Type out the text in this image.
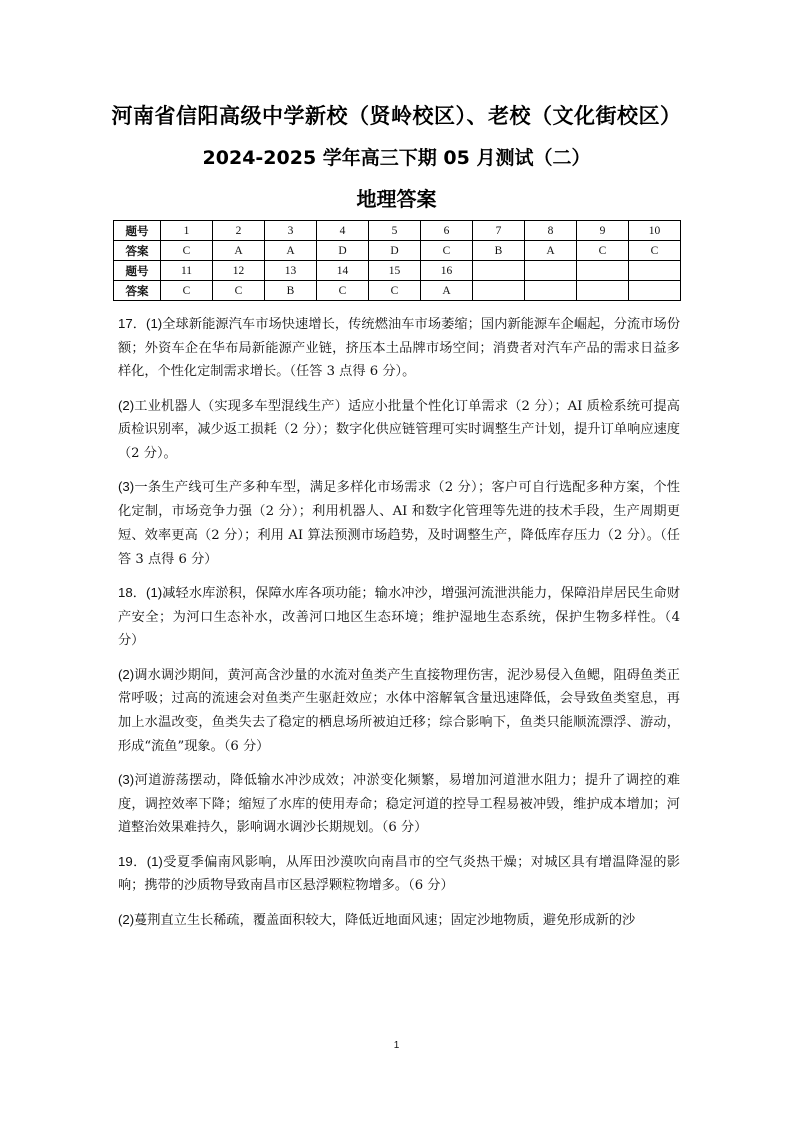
河南省信阳高级中学新校（贤岭校区）、老校（文化街校区）
2024-2025 学年高三下期 05 月测试（二）
地理答案
题号	1	2	3	4	5	6	7	8	9	10
答案	C	A	A	D	D	C	B	A	C	C
题号	11	12	13	14	15	16				
答案	C	C	B	C	C	A				

17．(1)全球新能源汽车市场快速增长，传统燃油车市场萎缩；国内新能源车企崛起，分流市场份额；外资车企在华布局新能源产业链，挤压本土品牌市场空间；消费者对汽车产品的需求日益多样化，个性化定制需求增长。（任答 3 点得 6 分）。

(2)工业机器人（实现多车型混线生产）适应小批量个性化订单需求（2 分）；AI 质检系统可提高质检识别率，减少返工损耗（2 分）；数字化供应链管理可实时调整生产计划，提升订单响应速度（2 分）。

(3)一条生产线可生产多种车型，满足多样化市场需求（2 分）；客户可自行选配多种方案，个性化定制，市场竞争力强（2 分）；利用机器人、AI 和数字化管理等先进的技术手段，生产周期更短、效率更高（2 分）；利用 AI 算法预测市场趋势，及时调整生产，降低库存压力（2 分）。（任答 3 点得 6 分）

18．(1)减轻水库淤积，保障水库各项功能；输水冲沙，增强河流泄洪能力，保障沿岸居民生命财产安全；为河口生态补水，改善河口地区生态环境；维护湿地生态系统，保护生物多样性。（4 分）

(2)调水调沙期间，黄河高含沙量的水流对鱼类产生直接物理伤害，泥沙易侵入鱼鳃，阻碍鱼类正常呼吸；过高的流速会对鱼类产生驱赶效应；水体中溶解氧含量迅速降低，会导致鱼类窒息，再加上水温改变，鱼类失去了稳定的栖息场所被迫迁移；综合影响下，鱼类只能顺流漂浮、游动，形成“流鱼”现象。（6 分）

(3)河道游荡摆动，降低输水冲沙成效；冲淤变化频繁，易增加河道泄水阻力；提升了调控的难度，调控效率下降；缩短了水库的使用寿命；稳定河道的控导工程易被冲毁，维护成本增加；河道整治效果难持久，影响调水调沙长期规划。（6 分）

19．(1)受夏季偏南风影响，从厍田沙漠吹向南昌市的空气炎热干燥；对城区具有增温降湿的影响；携带的沙质物导致南昌市区悬浮颗粒物增多。（6 分）

(2)蔓荆直立生长稀疏，覆盖面积较大，降低近地面风速；固定沙地物质，避免形成新的沙

1
